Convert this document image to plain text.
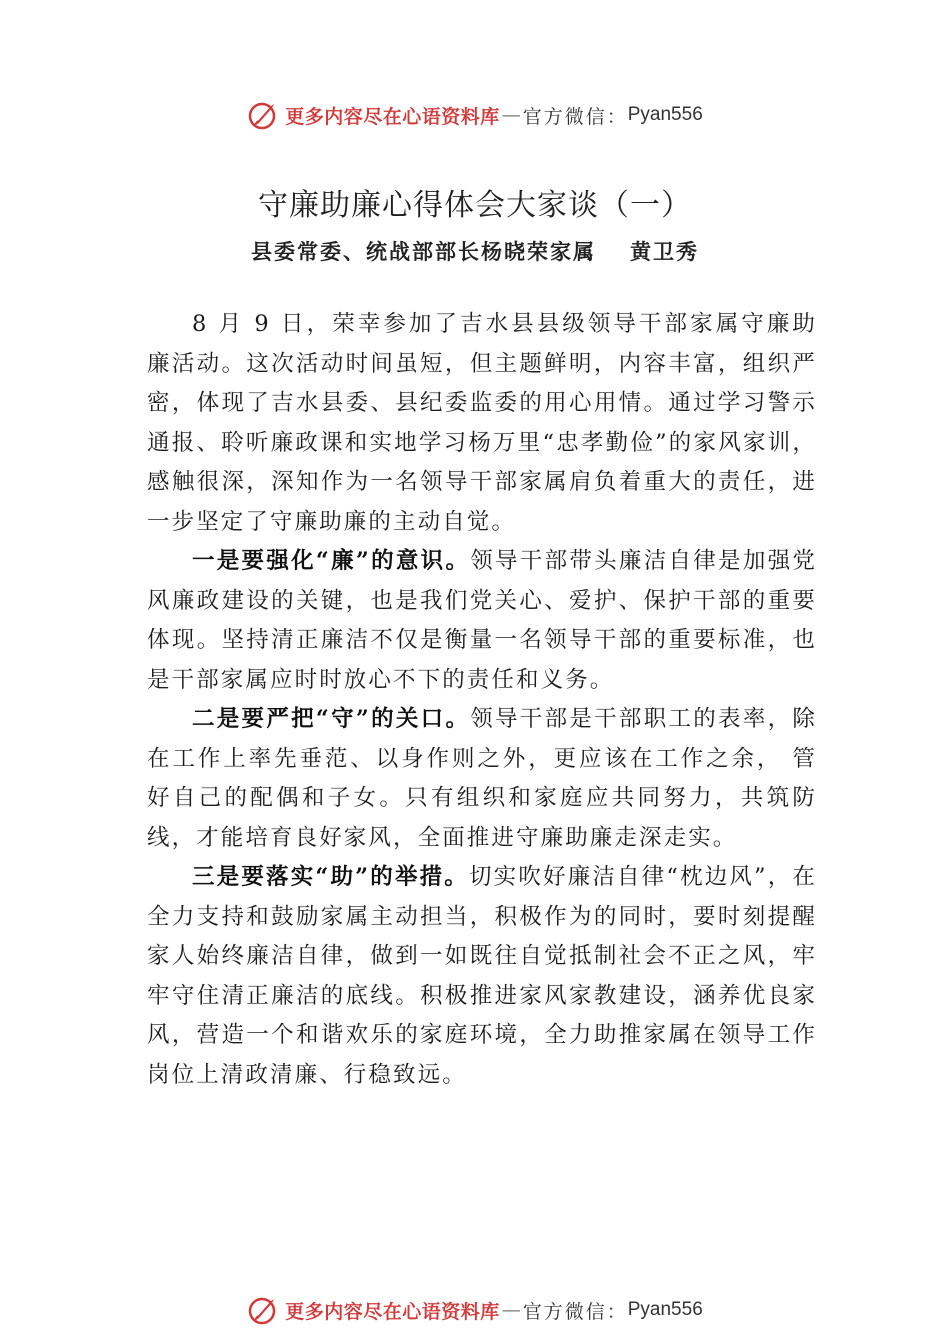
更多内容尽在心语资料库 — 官方微信： Pyan556
守廉助廉心得体会大家谈（一）
县委常委、统战部部长杨晓荣家属 黄卫秀

8 月 9 日，荣幸参加了吉水县县级领导干部家属守廉助廉活动。这次活动时间虽短，但主题鲜明，内容丰富，组织严密，体现了吉水县委、县纪委监委的用心用情。通过学习警示通报、聆听廉政课和实地学习杨万里“忠孝勤俭”的家风家训，感触很深，深知作为一名领导干部家属肩负着重大的责任，进一步坚定了守廉助廉的主动自觉。

一是要强化“廉”的意识。领导干部带头廉洁自律是加强党风廉政建设的关键，也是我们党关心、爱护、保护干部的重要体现。坚持清正廉洁不仅是衡量一名领导干部的重要标准，也是干部家属应时时放心不下的责任和义务。

二是要严把“守”的关口。领导干部是干部职工的表率，除在工作上率先垂范、以身作则之外，更应该在工作之余， 管好自己的配偶和子女。只有组织和家庭应共同努力，共筑防线，才能培育良好家风，全面推进守廉助廉走深走实。

三是要落实“助”的举措。切实吹好廉洁自律“枕边风”，在全力支持和鼓励家属主动担当，积极作为的同时，要时刻提醒家人始终廉洁自律，做到一如既往自觉抵制社会不正之风，牢牢守住清正廉洁的底线。积极推进家风家教建设，涵养优良家风，营造一个和谐欢乐的家庭环境，全力助推家属在领导工作岗位上清政清廉、行稳致远。

更多内容尽在心语资料库 — 官方微信： Pyan556
